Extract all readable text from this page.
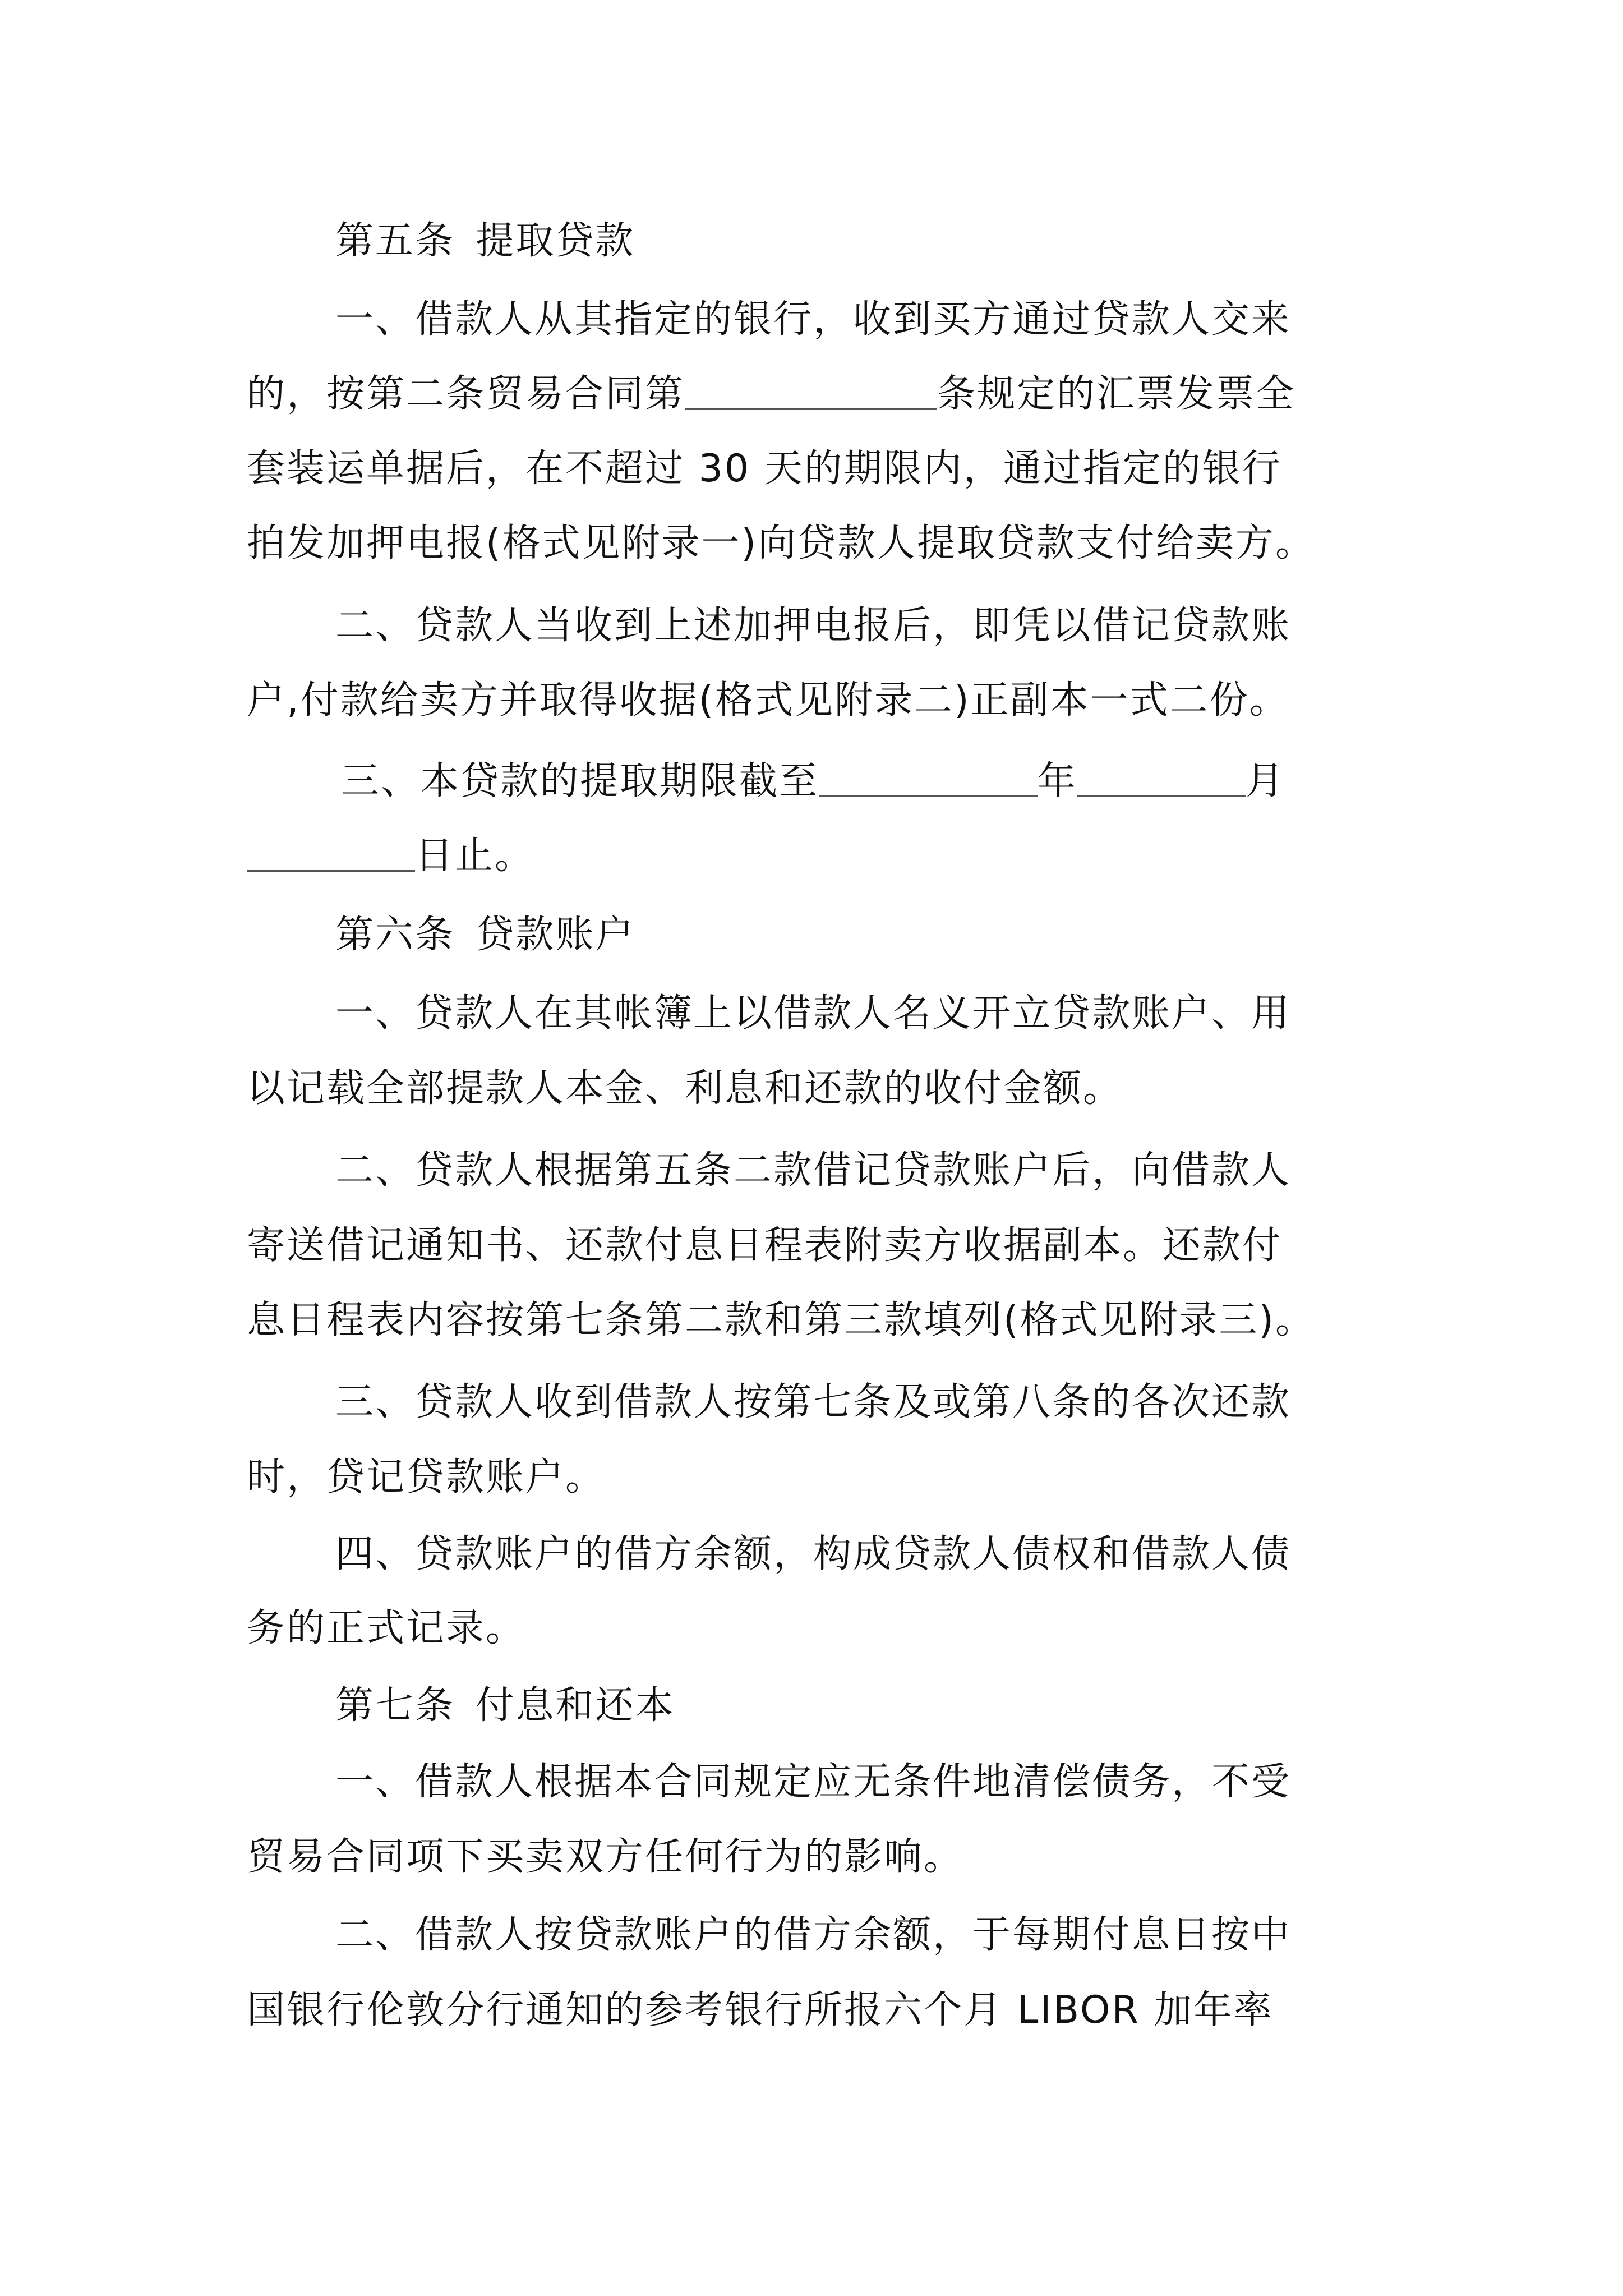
第五条 提取贷款
一、借款人从其指定的银行，收到买方通过贷款人交来
的，按第二条贸易合同第	条规定的汇票发票全
套装运单据后，在不超过 30 天的期限内，通过指定的银行
拍发加押电报(格式见附录一)向贷款人提取贷款支付给卖方。
二、贷款人当收到上述加押电报后，即凭以借记贷款账
户,付款给卖方并取得收据(格式见附录二)正副本一式二份。
三、本贷款的提取期限截至	年	月
日止。
第六条 贷款账户
一、贷款人在其帐簿上以借款人名义开立贷款账户、用
以记载全部提款人本金、利息和还款的收付金额。
二、贷款人根据第五条二款借记贷款账户后，向借款人
寄送借记通知书、还款付息日程表附卖方收据副本。还款付
息日程表内容按第七条第二款和第三款填列(格式见附录三)。
三、贷款人收到借款人按第七条及或第八条的各次还款
时，贷记贷款账户。
四、贷款账户的借方余额，构成贷款人债权和借款人债
务的正式记录。
第七条 付息和还本
一、借款人根据本合同规定应无条件地清偿债务，不受
贸易合同项下买卖双方任何行为的影响。
二、借款人按贷款账户的借方余额，于每期付息日按中
国银行伦敦分行通知的参考银行所报六个月 LIBOR 加年率
